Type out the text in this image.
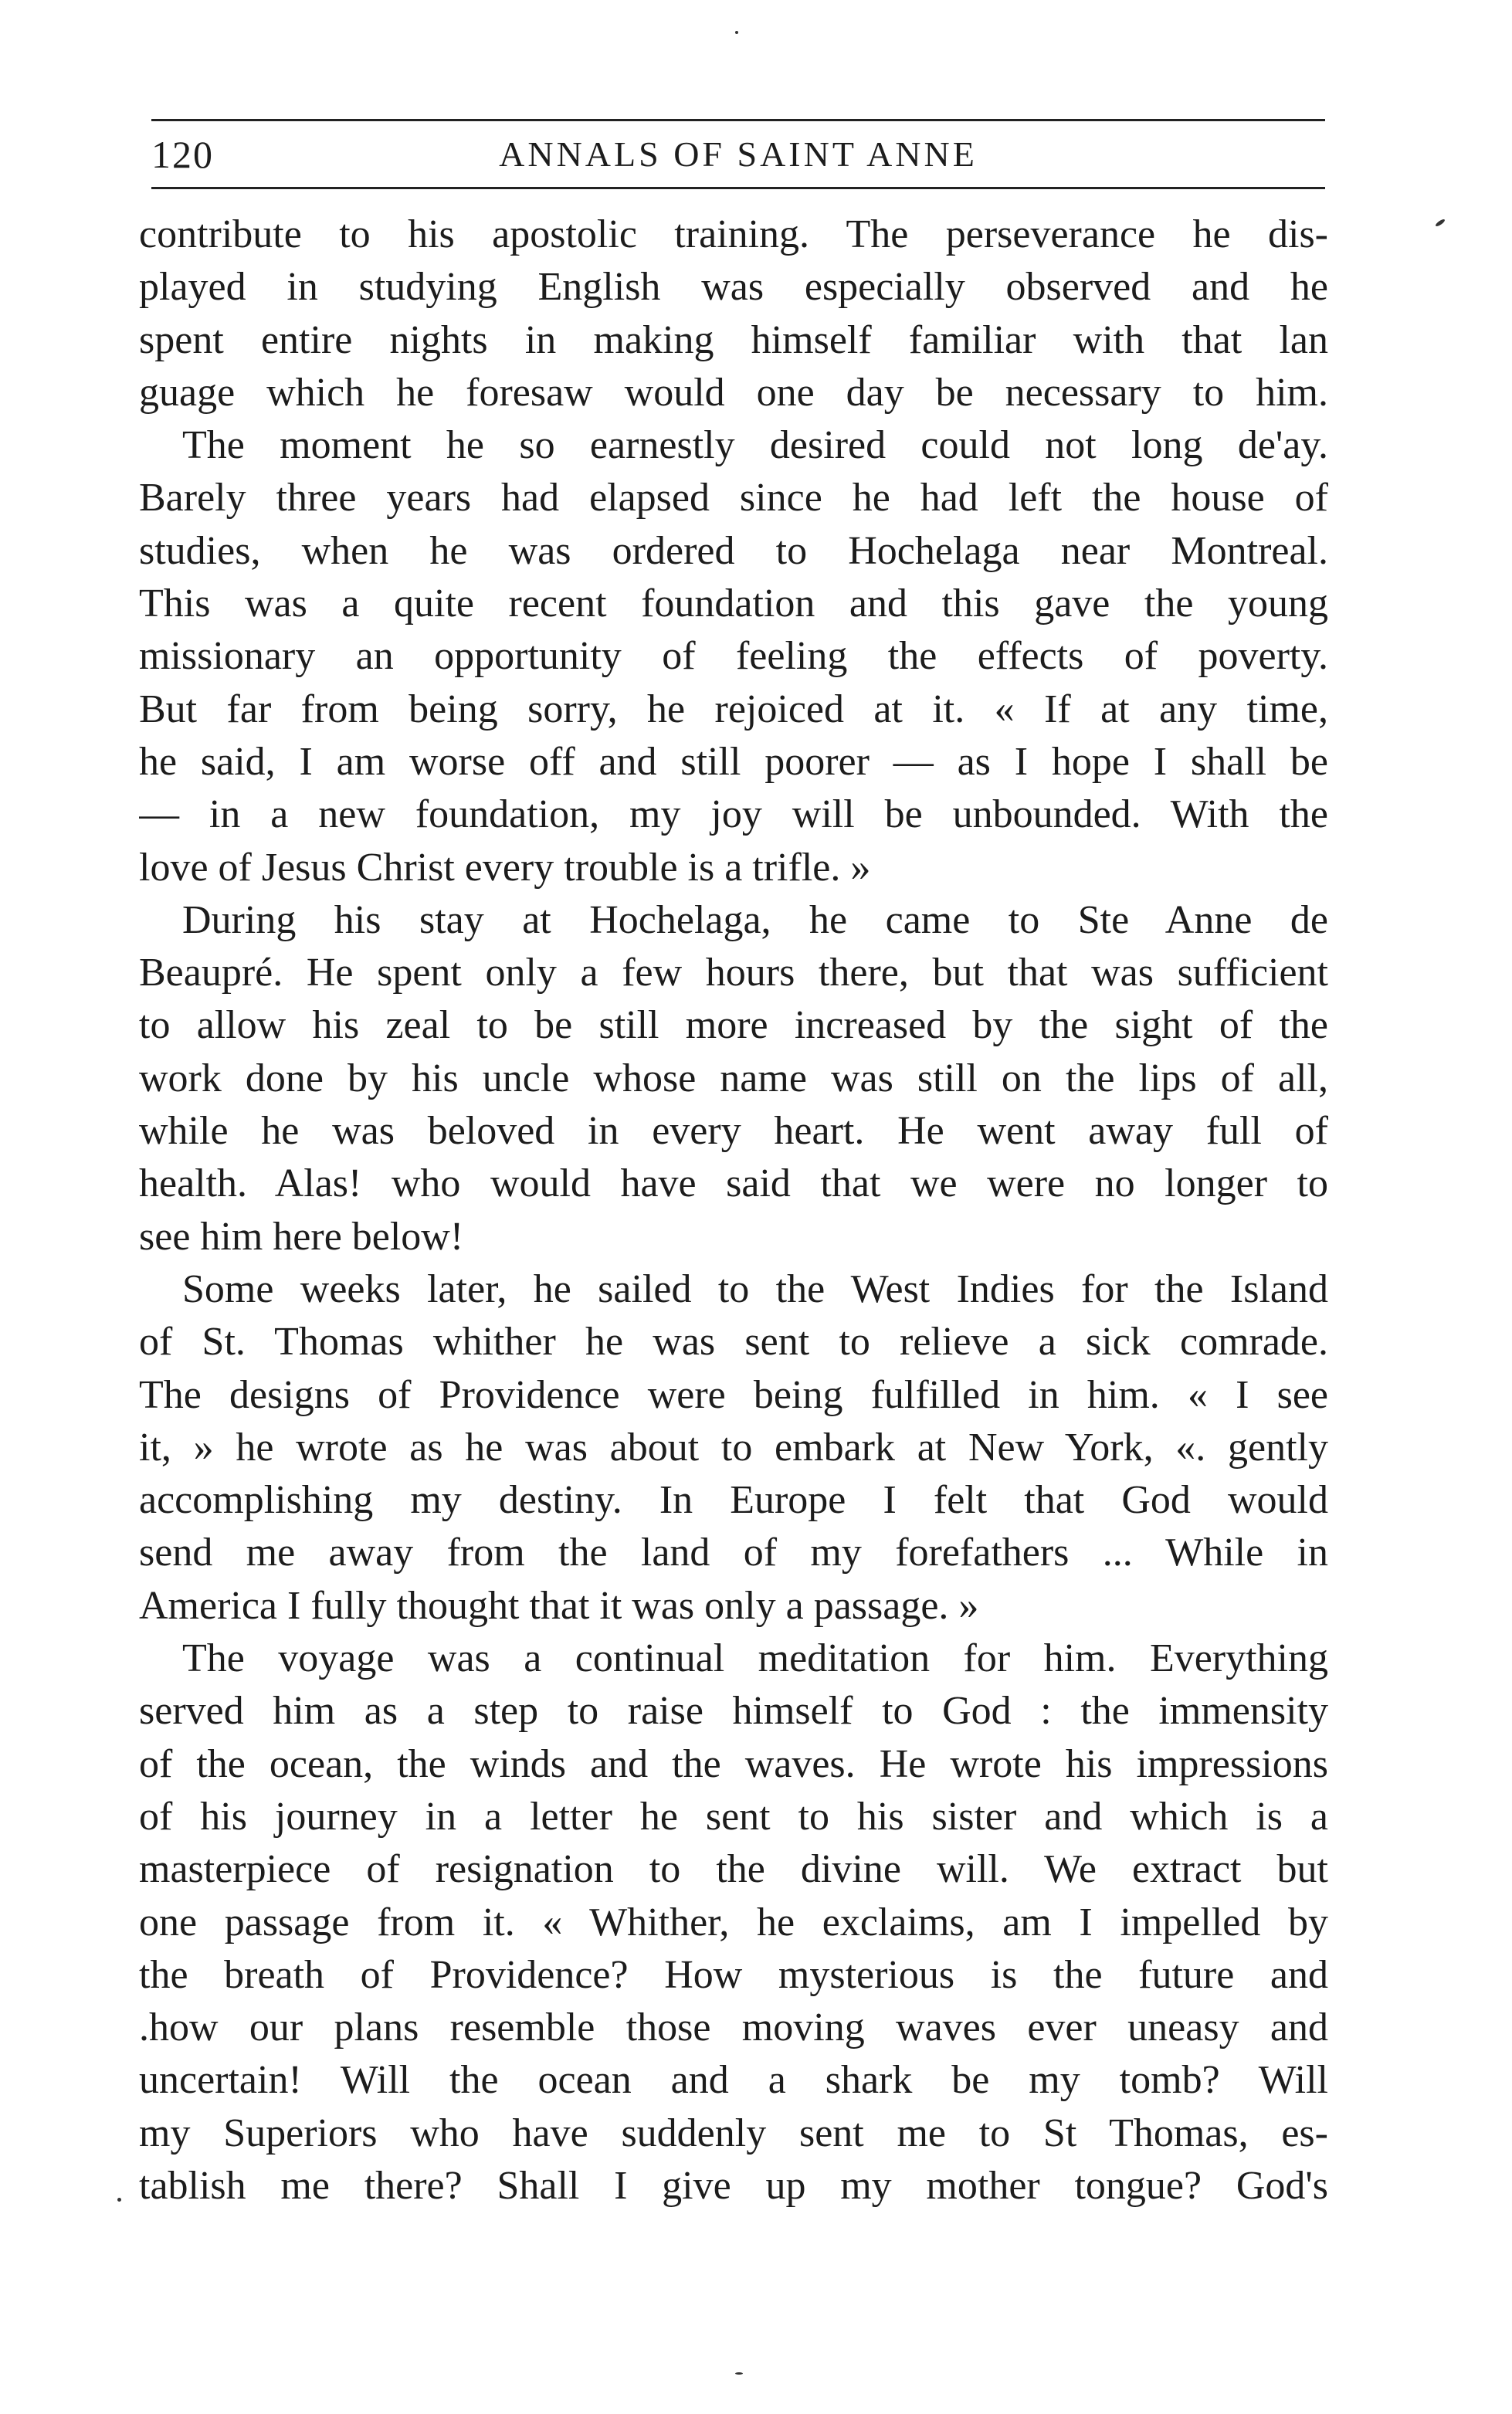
120	ANNALS OF SAINT ANNE
contribute to his apostolic training. The perseverance he dis-
played in studying English was especially observed and he
spent entire nights in making himself familiar with that lan
guage which he foresaw would one day be necessary to him.
The moment he so earnestly desired could not long de'ay.
Barely three years had elapsed since he had left the house of
studies, when he was ordered to Hochelaga near Montreal.
This was a quite recent foundation and this gave the young
missionary an opportunity of feeling the effects of poverty.
But far from being sorry, he rejoiced at it. « If at any time,
he said, I am worse off and still poorer — as I hope I shall be
— in a new foundation, my joy will be unbounded. With the
love of Jesus Christ every trouble is a trifle. »
During his stay at Hochelaga, he came to Ste Anne de
Beaupré. He spent only a few hours there, but that was sufficient
to allow his zeal to be still more increased by the sight of the
work done by his uncle whose name was still on the lips of all,
while he was beloved in every heart. He went away full of
health. Alas! who would have said that we were no longer to
see him here below!
Some weeks later, he sailed to the West Indies for the Island
of St. Thomas whither he was sent to relieve a sick comrade.
The designs of Providence were being fulfilled in him. « I see
it, » he wrote as he was about to embark at New York, «. gently
accomplishing my destiny. In Europe I felt that God would
send me away from the land of my forefathers ... While in
America I fully thought that it was only a passage. »
The voyage was a continual meditation for him. Everything
served him as a step to raise himself to God : the immensity
of the ocean, the winds and the waves. He wrote his impressions
of his journey in a letter he sent to his sister and which is a
masterpiece of resignation to the divine will. We extract but
one passage from it. « Whither, he exclaims, am I impelled by
the breath of Providence? How mysterious is the future and
.how our plans resemble those moving waves ever uneasy and
uncertain! Will the ocean and a shark be my tomb? Will
my Superiors who have suddenly sent me to St Thomas, es-
tablish me there? Shall I give up my mother tongue? God's
